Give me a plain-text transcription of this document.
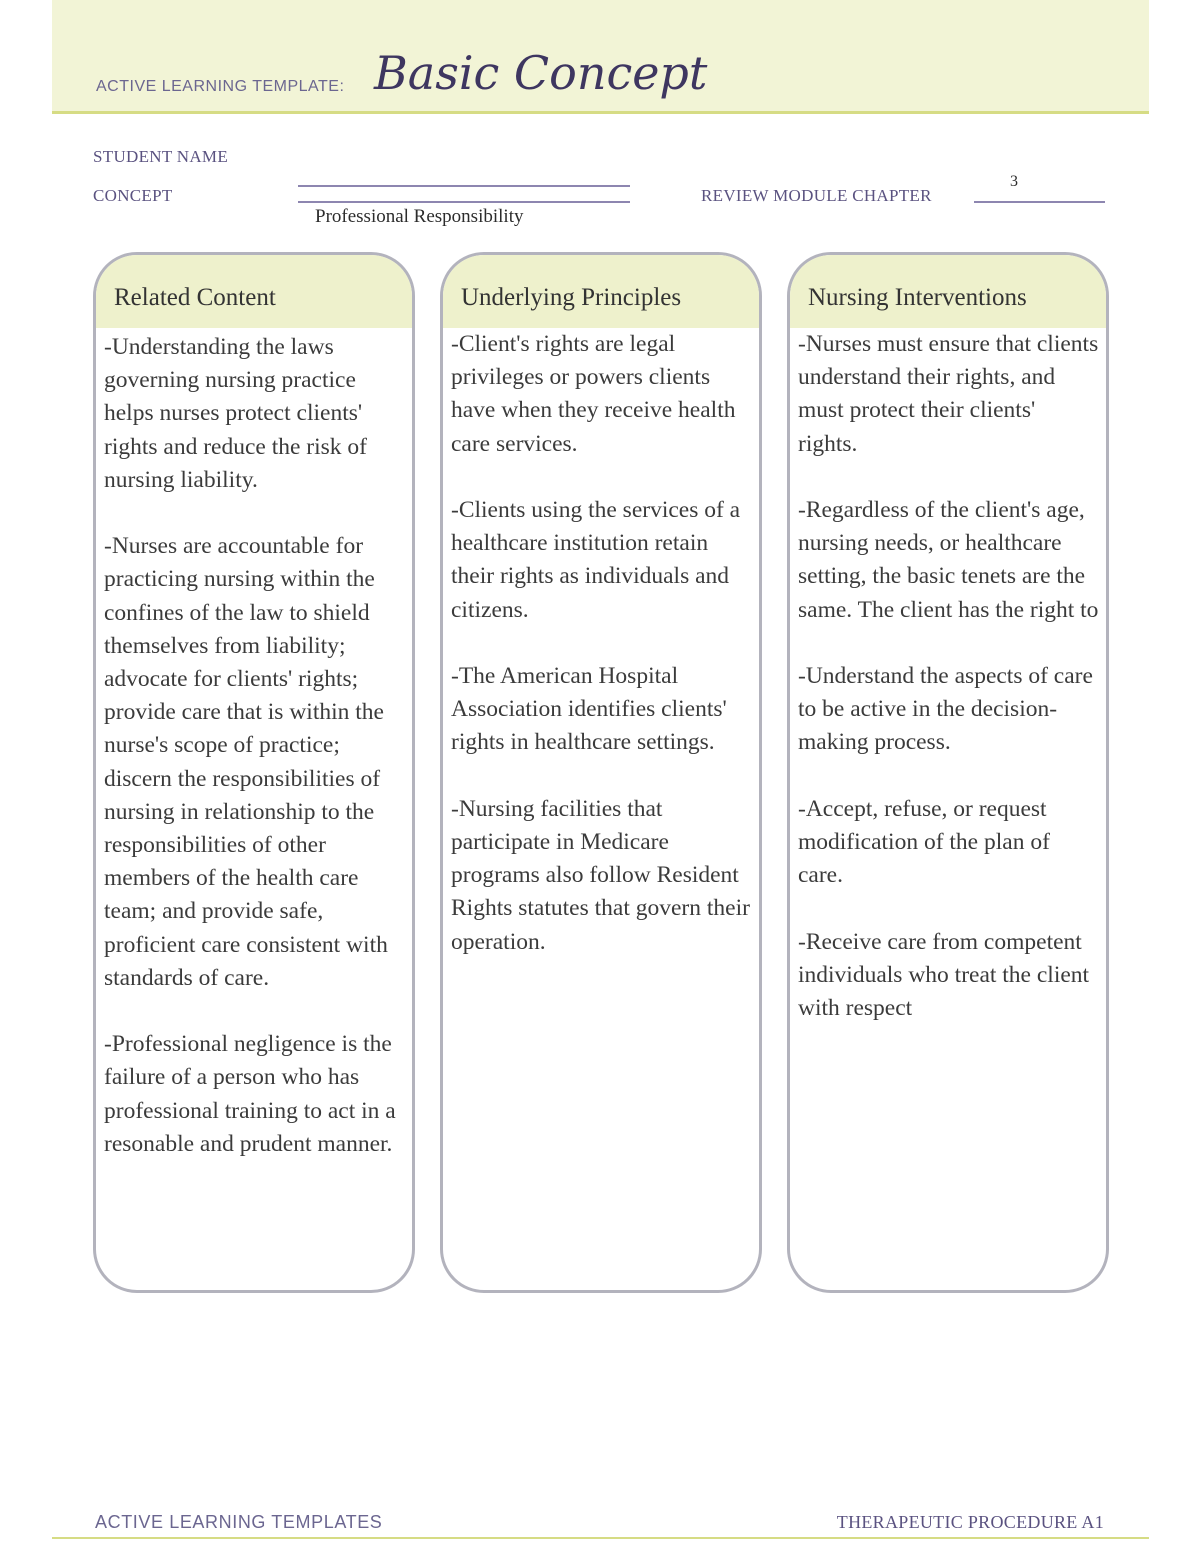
ACTIVE LEARNING TEMPLATE: Basic Concept
STUDENT NAME
CONCEPT
Professional Responsibility
REVIEW MODULE CHAPTER
3
Related Content

-Understanding the laws governing nursing practice helps nurses protect clients' rights and reduce the risk of nursing liability.

-Nurses are accountable for practicing nursing within the confines of the law to shield themselves from liability; advocate for clients' rights; provide care that is within the nurse's scope of practice; discern the responsibilities of nursing in relationship to the responsibilities of other members of the health care team; and provide safe, proficient care consistent with standards of care.

-Professional negligence is the failure of a person who has professional training to act in a resonable and prudent manner.

Underlying Principles

-Client's rights are legal privileges or powers clients have when they receive health care services.

-Clients using the services of a healthcare institution retain their rights as individuals and citizens.

-The American Hospital Association identifies clients' rights in healthcare settings.

-Nursing facilities that participate in Medicare programs also follow Resident Rights statutes that govern their operation.

Nursing Interventions

-Nurses must ensure that clients understand their rights, and must protect their clients' rights.

-Regardless of the client's age, nursing needs, or healthcare setting, the basic tenets are the same. The client has the right to

-Understand the aspects of care to be active in the decision-making process.

-Accept, refuse, or request modification of the plan of care.

-Receive care from competent individuals who treat the client with respect

ACTIVE LEARNING TEMPLATES	THERAPEUTIC PROCEDURE A1
